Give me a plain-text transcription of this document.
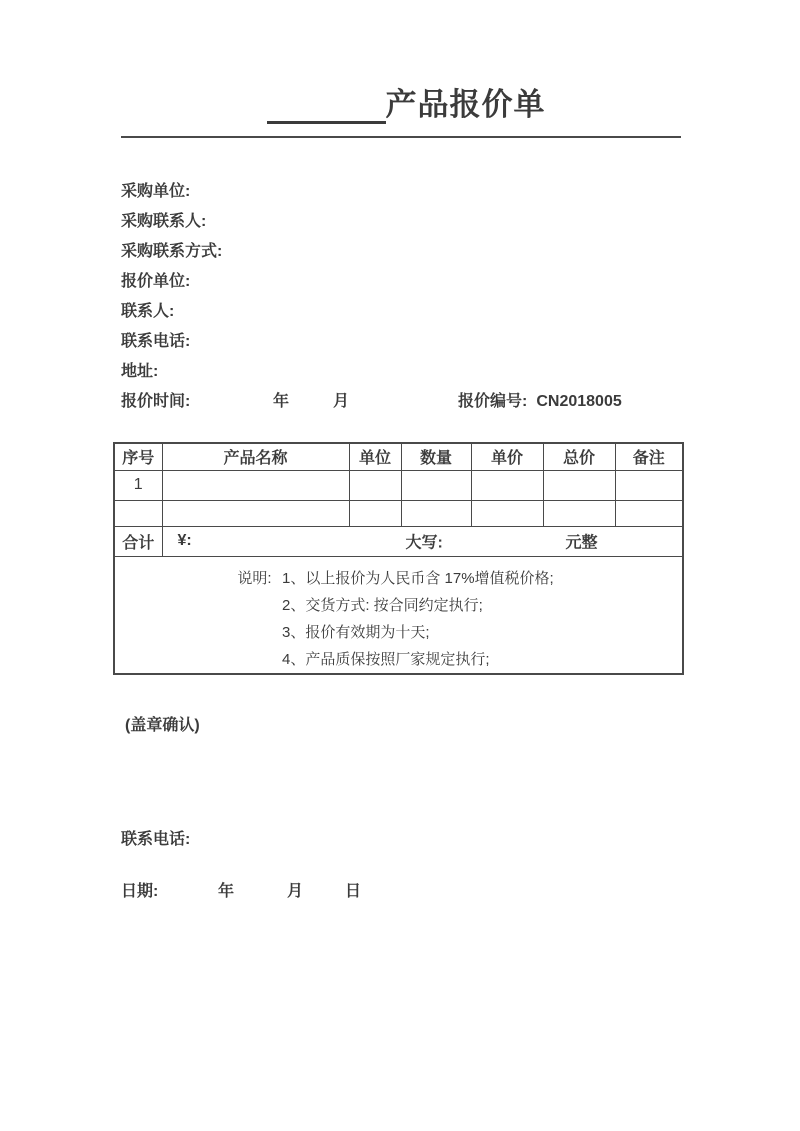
产品报价单
采购单位:
采购联系人:
采购联系方式:
报价单位:
联系人:
联系电话:
地址:
报价时间:	年	月	报价编号: CN2018005
序号	产品名称	单位	数量	单价	总价	备注
1						

合计	¥: 大写: 元整					

说明: 1、以上报价为人民币含 17%增值税价格;
2、交货方式: 按合同约定执行;
3、报价有效期为十天;
4、产品质保按照厂家规定执行;						
(盖章确认)
联系电话:
日期:	年	月	日
